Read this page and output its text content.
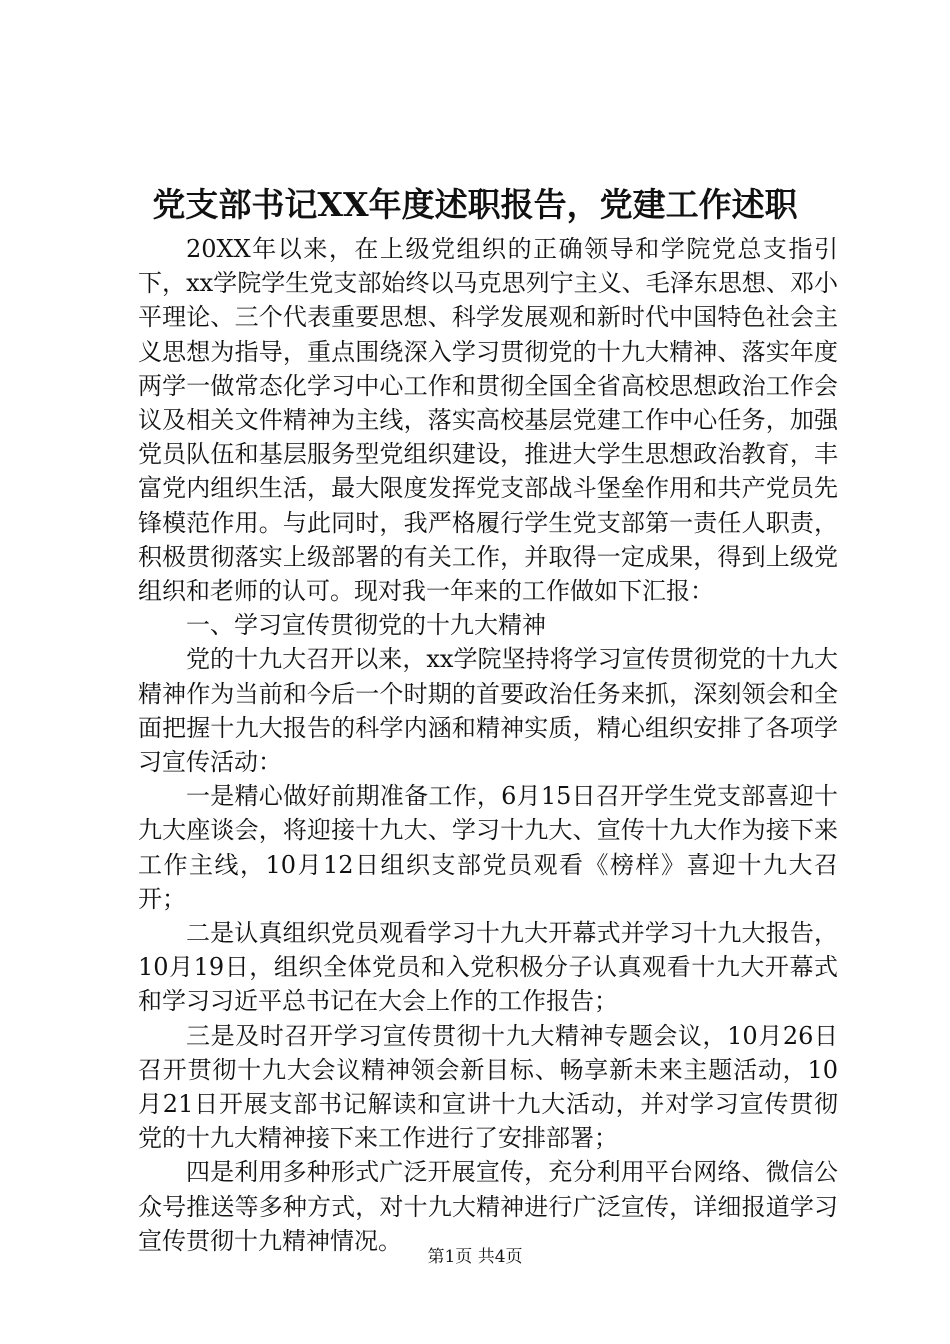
党支部书记XX年度述职报告，党建工作述职

20XX年以来，在上级党组织的正确领导和学院党总支指引下，xx学院学生党支部始终以马克思列宁主义、毛泽东思想、邓小平理论、三个代表重要思想、科学发展观和新时代中国特色社会主义思想为指导，重点围绕深入学习贯彻党的十九大精神、落实年度两学一做常态化学习中心工作和贯彻全国全省高校思想政治工作会议及相关文件精神为主线，落实高校基层党建工作中心任务，加强党员队伍和基层服务型党组织建设，推进大学生思想政治教育，丰富党内组织生活，最大限度发挥党支部战斗堡垒作用和共产党员先锋模范作用。与此同时，我严格履行学生党支部第一责任人职责，积极贯彻落实上级部署的有关工作，并取得一定成果，得到上级党组织和老师的认可。现对我一年来的工作做如下汇报：

一、学习宣传贯彻党的十九大精神

党的十九大召开以来，xx学院坚持将学习宣传贯彻党的十九大精神作为当前和今后一个时期的首要政治任务来抓，深刻领会和全面把握十九大报告的科学内涵和精神实质，精心组织安排了各项学习宣传活动：

一是精心做好前期准备工作，6月15日召开学生党支部喜迎十九大座谈会，将迎接十九大、学习十九大、宣传十九大作为接下来工作主线，10月12日组织支部党员观看《榜样》喜迎十九大召开；

二是认真组织党员观看学习十九大开幕式并学习十九大报告，10月19日，组织全体党员和入党积极分子认真观看十九大开幕式和学习习近平总书记在大会上作的工作报告；

三是及时召开学习宣传贯彻十九大精神专题会议，10月26日召开贯彻十九大会议精神领会新目标、畅享新未来主题活动，10月21日开展支部书记解读和宣讲十九大活动，并对学习宣传贯彻党的十九大精神接下来工作进行了安排部署；

四是利用多种形式广泛开展宣传，充分利用平台网络、微信公众号推送等多种方式，对十九大精神进行广泛宣传，详细报道学习宣传贯彻十九精神情况。

第1页 共4页
